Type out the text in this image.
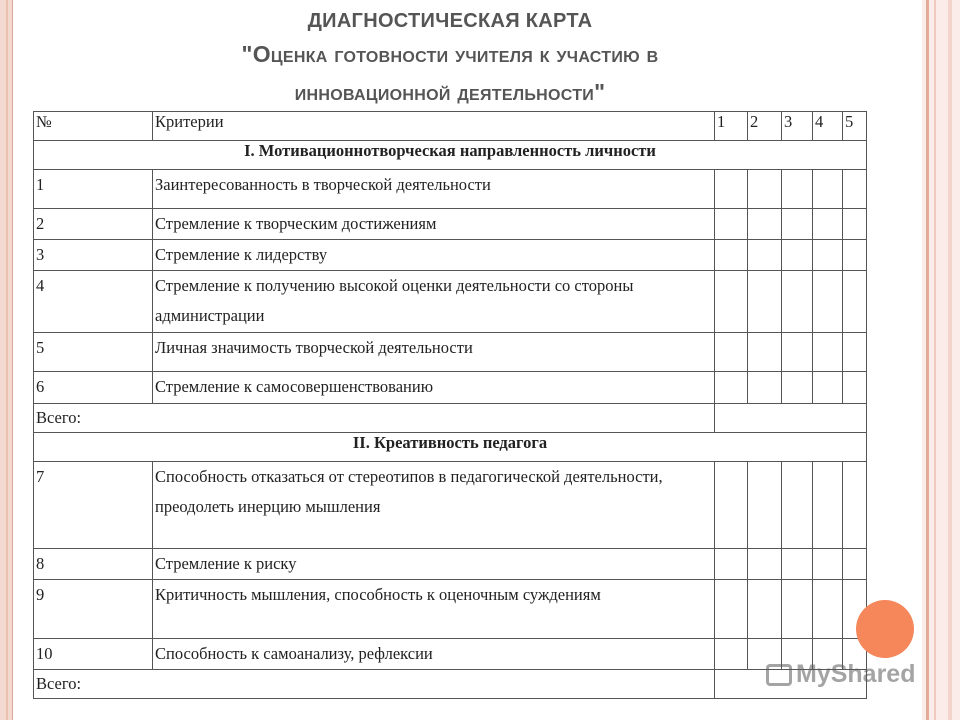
ДИАГНОСТИЧЕСКАЯ КАРТА
"Оценка готовности учителя к участию в
инновационной деятельности"
№	Критерии	1	2	3	4	5
I. Мотивационнотворческая направленность личности						
1	Заинтересованность в творческой деятельности					
2	Стремление к творческим достижениям					
3	Стремление к лидерству					
4	Стремление к получению высокой оценки деятельности со стороны администрации					
5	Личная значимость творческой деятельности					
6	Стремление к самосовершенствованию					
Всего:						
II. Креативность педагога						
7	Способность отказаться от стереотипов в педагогической деятельности, преодолеть инерцию мышления					
8	Стремление к риску					
9	Критичность мышления, способность к оценочным суждениям					
10	Способность к самоанализу, рефлексии					
Всего:							MyShared
